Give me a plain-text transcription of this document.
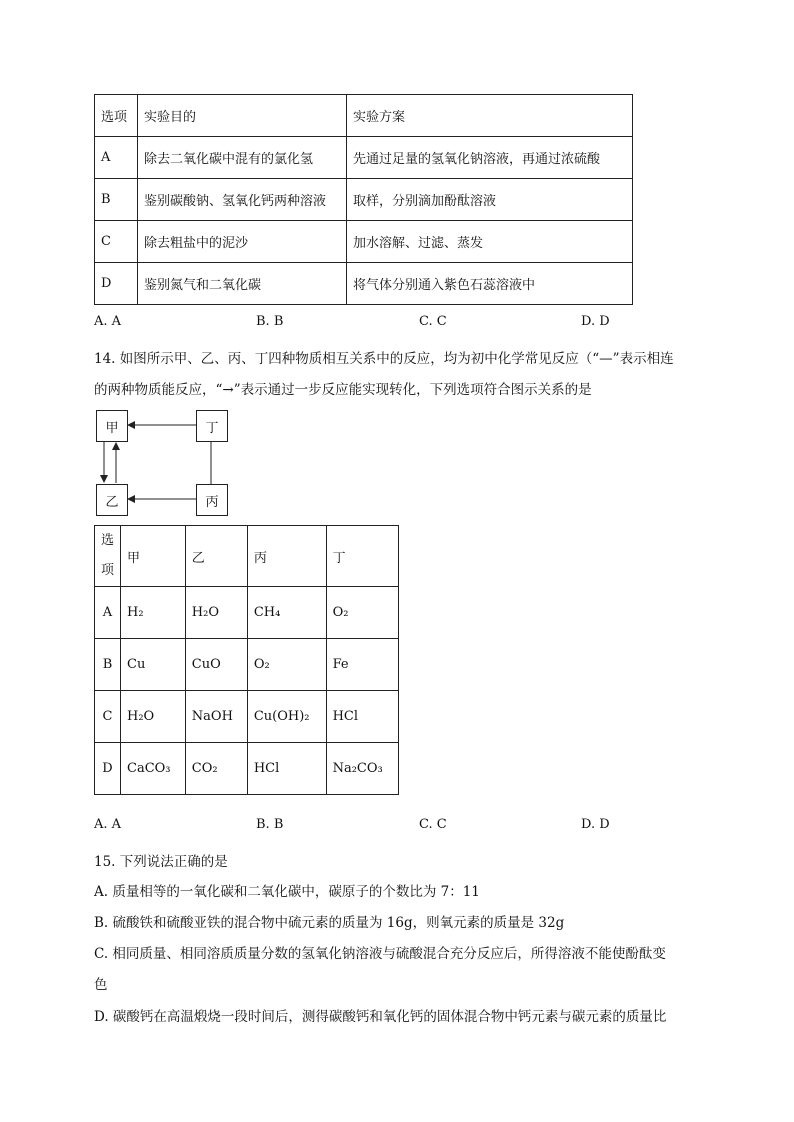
选项	实验目的	实验方案
A	除去二氧化碳中混有的氯化氢	先通过足量的氢氧化钠溶液，再通过浓硫酸
B	鉴别碳酸钠、氢氧化钙两种溶液	取样，分别滴加酚酞溶液
C	除去粗盐中的泥沙	加水溶解、过滤、蒸发
D	鉴别氮气和二氧化碳	将气体分别通入紫色石蕊溶液中
A. A	B. B	C. C	D. D
14. 如图所示甲、乙、丙、丁四种物质相互关系中的反应，均为初中化学常见反应（“—”表示相连
的两种物质能反应，“→”表示通过一步反应能实现转化，下列选项符合图示关系的是
甲	丁
乙	丙
选项	甲	乙	丙	丁
A	H₂	H₂O	CH₄	O₂
B	Cu	CuO	O₂	Fe
C	H₂O	NaOH	Cu(OH)₂	HCl
D	CaCO₃	CO₂	HCl	Na₂CO₃
A. A	B. B	C. C	D. D
15. 下列说法正确的是
A. 质量相等的一氧化碳和二氧化碳中，碳原子的个数比为 7：11
B. 硫酸铁和硫酸亚铁的混合物中硫元素的质量为 16g，则氧元素的质量是 32g
C. 相同质量、相同溶质质量分数的氢氧化钠溶液与硫酸混合充分反应后，所得溶液不能使酚酞变
色
D. 碳酸钙在高温煅烧一段时间后，测得碳酸钙和氧化钙的固体混合物中钙元素与碳元素的质量比
